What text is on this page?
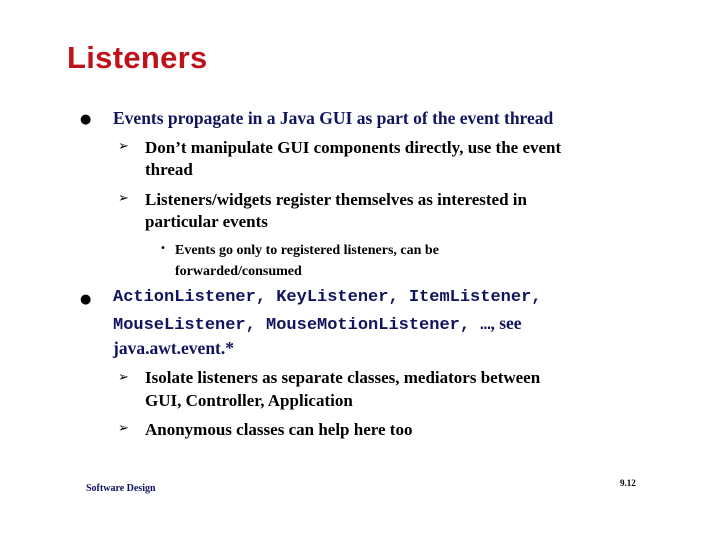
Listeners
● Events propagate in a Java GUI as part of the event thread
➢ Don’t manipulate GUI components directly, use the event
thread
➢ Listeners/widgets register themselves as interested in
particular events
• Events go only to registered listeners, can be
forwarded/consumed
● ActionListener, KeyListener, ItemListener,
MouseListener, MouseMotionListener, …, see
java.awt.event.*
➢ Isolate listeners as separate classes, mediators between
GUI, Controller, Application
➢ Anonymous classes can help here too
Software Design	9.12
